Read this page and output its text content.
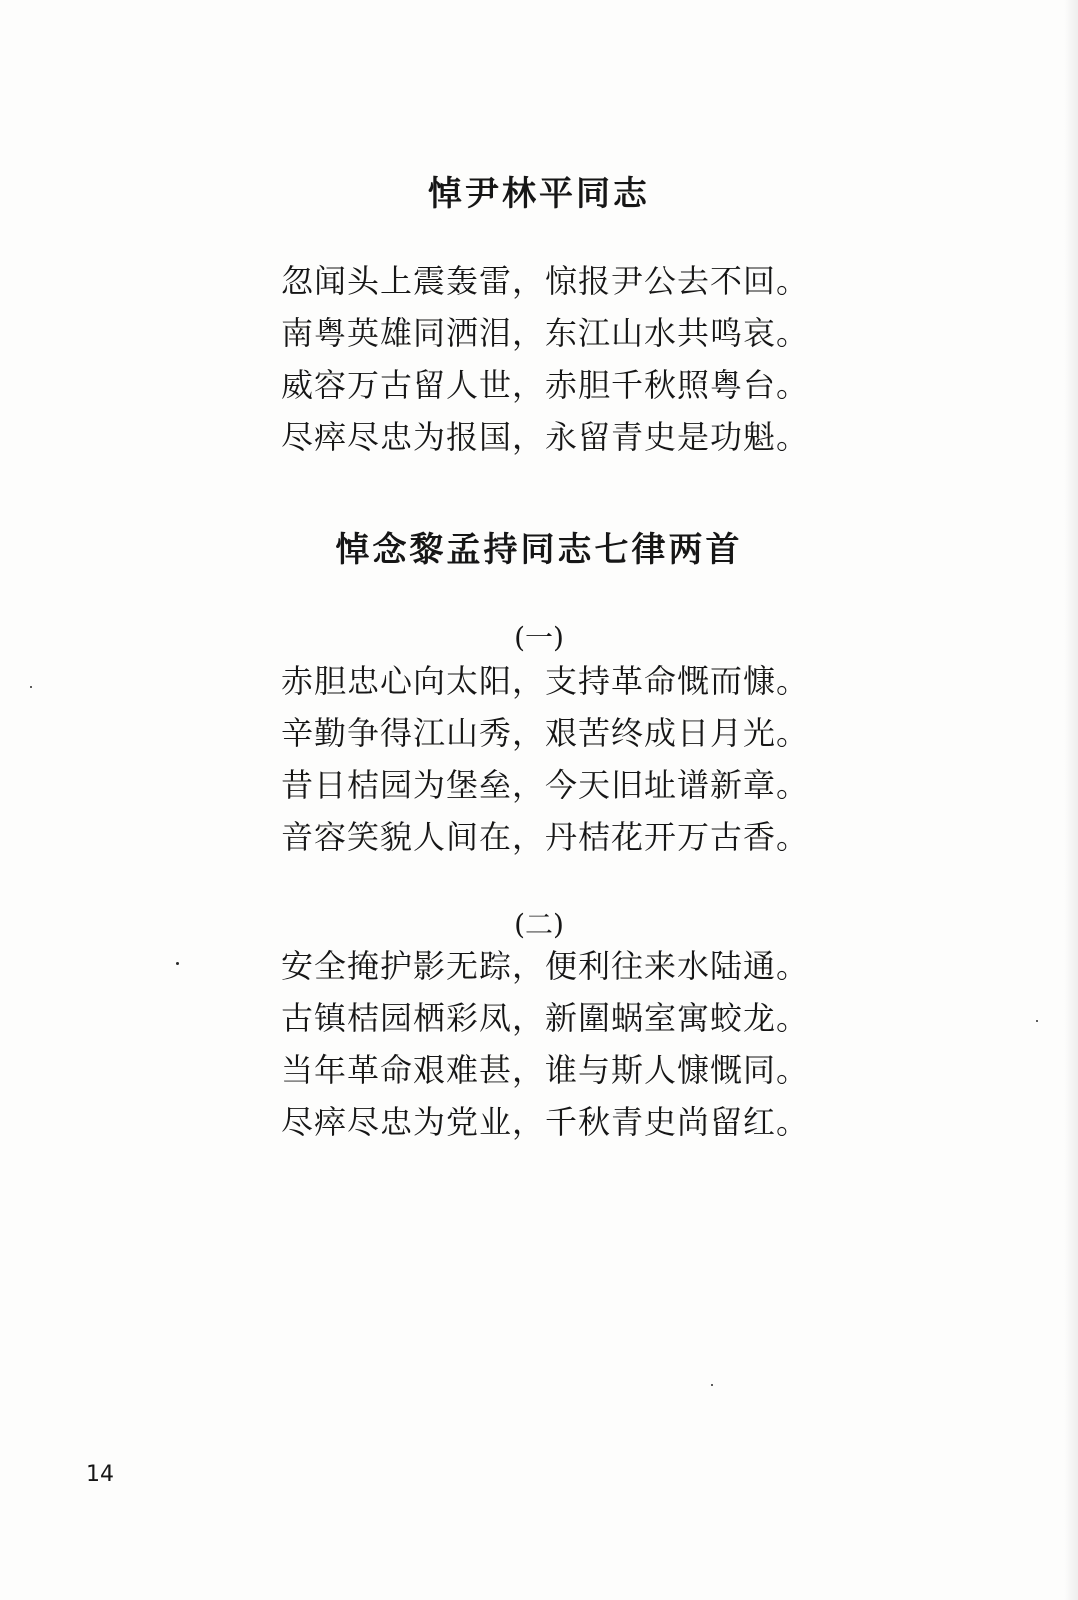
悼尹林平同志
忽闻头上震轰雷，惊报尹公去不回。
南粤英雄同洒泪，东江山水共鸣哀。
威容万古留人世，赤胆千秋照粤台。
尽瘁尽忠为报国，永留青史是功魁。
悼念黎孟持同志七律两首

(一)

赤胆忠心向太阳，支持革命慨而慷。
辛勤争得江山秀，艰苦终成日月光。
昔日桔园为堡垒，今天旧址谱新章。
音容笑貌人间在，丹桔花开万古香。

(二)

安全掩护影无踪，便利往来水陆通。
古镇桔园栖彩凤，新圍蜗室寓蛟龙。
当年革命艰难甚，谁与斯人慷慨同。
尽瘁尽忠为党业，千秋青史尚留红。

14
